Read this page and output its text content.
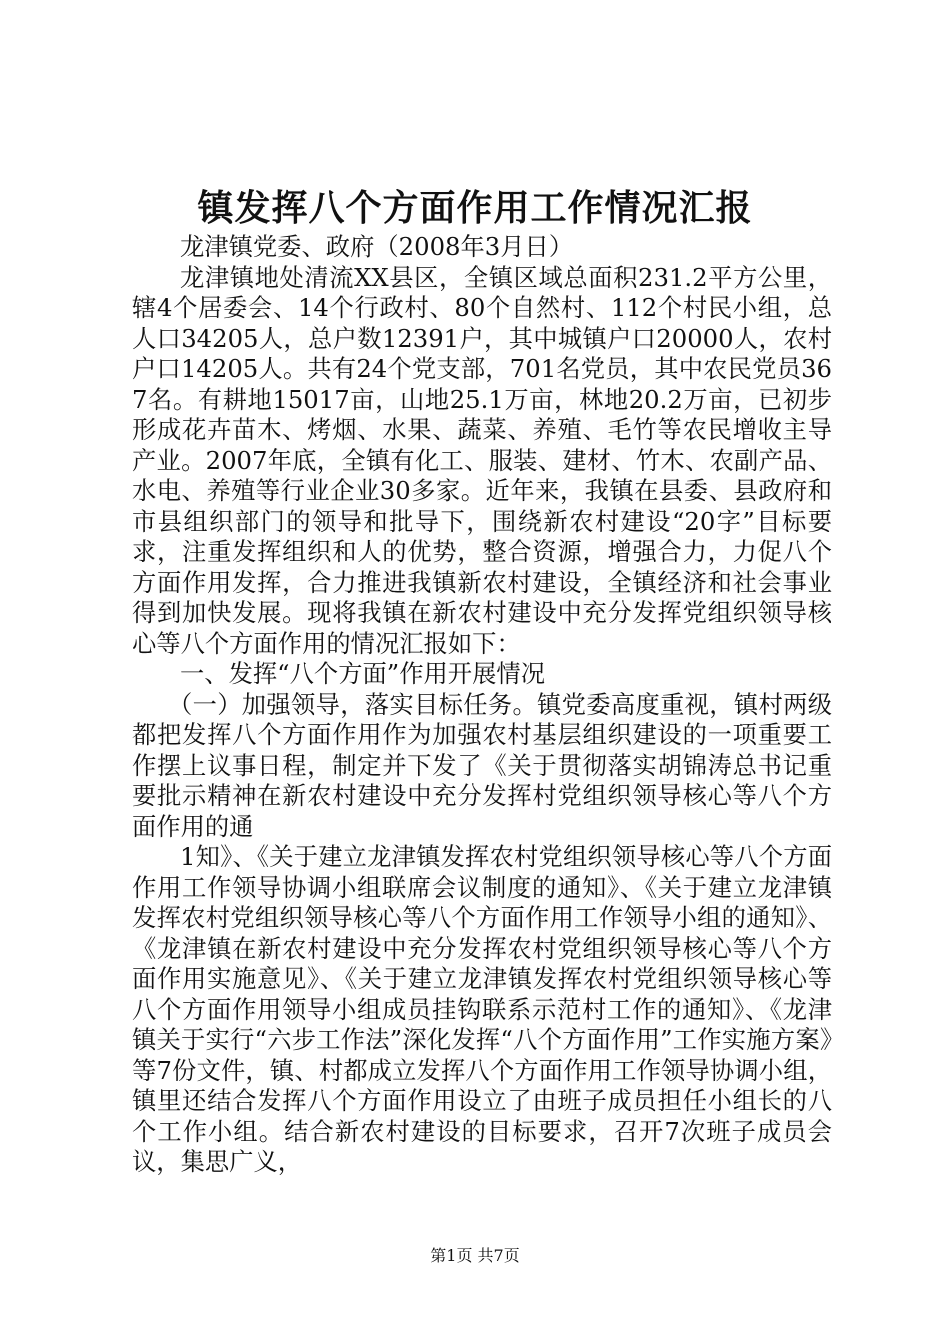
镇发挥八个方面作用工作情况汇报

龙津镇党委、政府（2008年3月日）

龙津镇地处清流XX县区，全镇区域总面积231.2平方公里，辖4个居委会、14个行政村、80个自然村、112个村民小组，总人口34205人，总户数12391户，其中城镇户口20000人，农村户口14205人。共有24个党支部，701名党员，其中农民党员367名。有耕地15017亩，山地25.1万亩，林地20.2万亩，已初步形成花卉苗木、烤烟、水果、蔬菜、养殖、毛竹等农民增收主导产业。2007年底，全镇有化工、服装、建材、竹木、农副产品、水电、养殖等行业企业30多家。近年来，我镇在县委、县政府和市县组织部门的领导和批导下，围绕新农村建设“20字”目标要求，注重发挥组织和人的优势，整合资源，增强合力，力促八个方面作用发挥，合力推进我镇新农村建设，全镇经济和社会事业得到加快发展。现将我镇在新农村建设中充分发挥党组织领导核心等八个方面作用的情况汇报如下：

一、发挥“八个方面”作用开展情况

（一）加强领导，落实目标任务。镇党委高度重视，镇村两级都把发挥八个方面作用作为加强农村基层组织建设的一项重要工作摆上议事日程，制定并下发了《关于贯彻落实胡锦涛总书记重要批示精神在新农村建设中充分发挥村党组织领导核心等八个方面作用的通

1知》、《关于建立龙津镇发挥农村党组织领导核心等八个方面作用工作领导协调小组联席会议制度的通知》、《关于建立龙津镇发挥农村党组织领导核心等八个方面作用工作领导小组的通知》、《龙津镇在新农村建设中充分发挥农村党组织领导核心等八个方面作用实施意见》、《关于建立龙津镇发挥农村党组织领导核心等八个方面作用领导小组成员挂钩联系示范村工作的通知》、《龙津镇关于实行“六步工作法”深化发挥“八个方面作用”工作实施方案》等7份文件，镇、村都成立发挥八个方面作用工作领导协调小组，镇里还结合发挥八个方面作用设立了由班子成员担任小组长的八个工作小组。结合新农村建设的目标要求，召开7次班子成员会议，集思广义，

第1页 共7页
